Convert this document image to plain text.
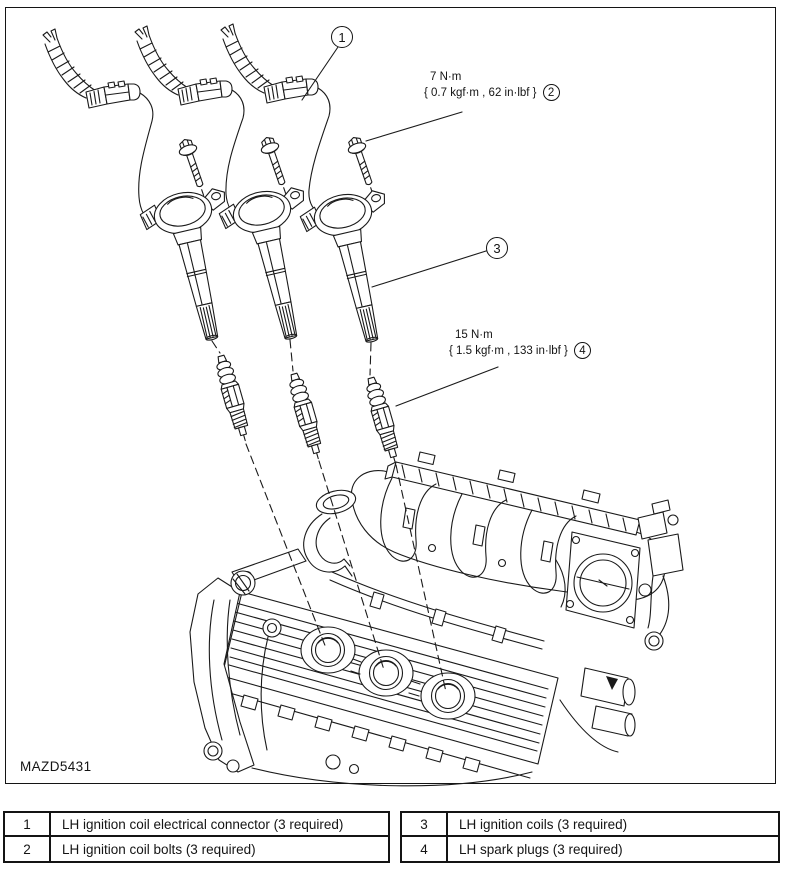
1
3
7 N·m
{ 0.7 kgf·m , 62 in·lbf } 2
15 N·m
{ 1.5 kgf·m , 133 in·lbf } 4
MAZD5431
1	LH ignition coil electrical connector (3 required)
2	LH ignition coil bolts (3 required)
3	LH ignition coils (3 required)
4	LH spark plugs (3 required)
